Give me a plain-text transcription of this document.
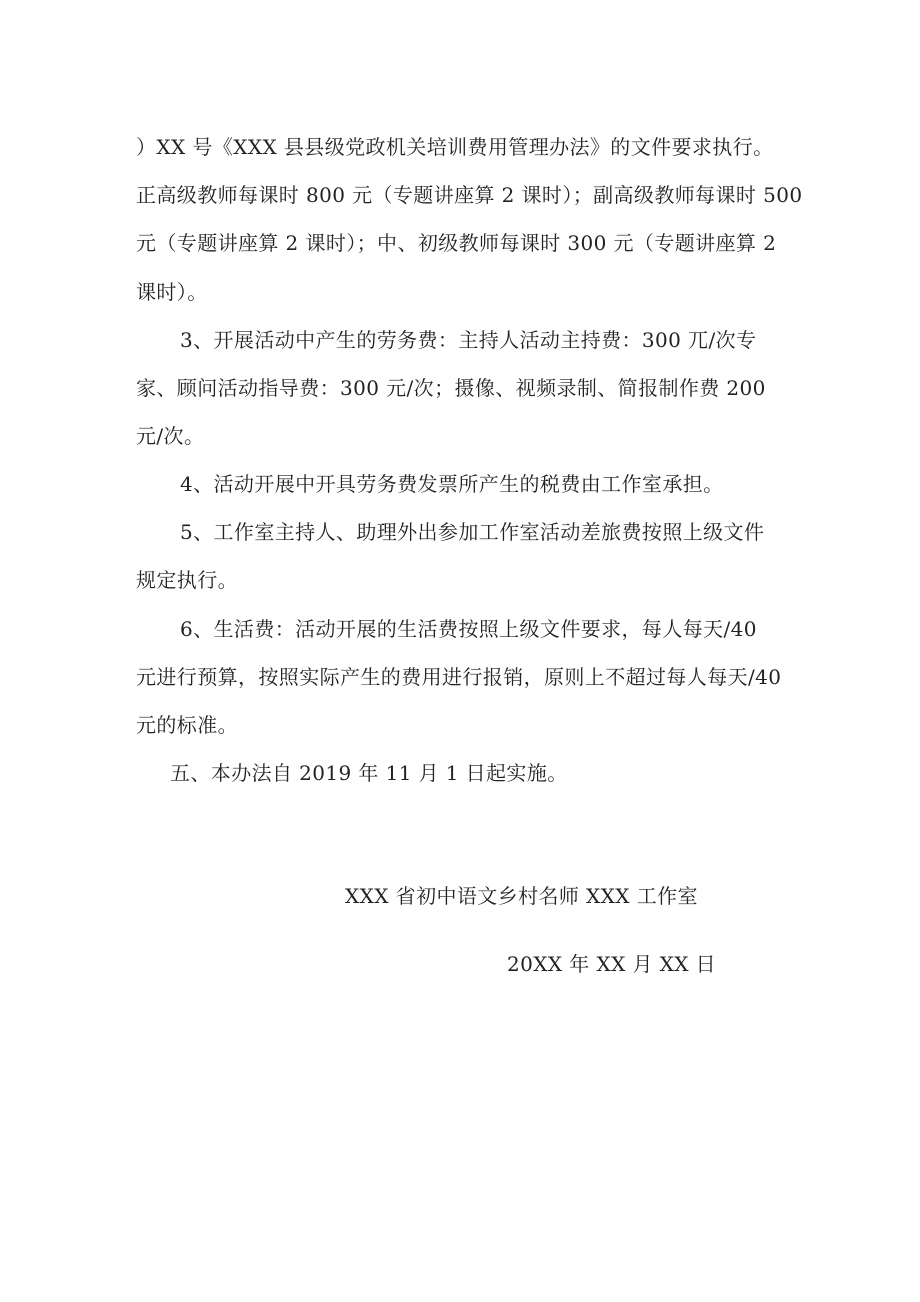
）XX 号《XXX 县县级党政机关培训费用管理办法》的文件要求执行。
正高级教师每课时 800 元（专题讲座算 2 课时）；副高级教师每课时 500
元（专题讲座算 2 课时）；中、初级教师每课时 300 元（专题讲座算 2
课时）。
3、开展活动中产生的劳务费：主持人活动主持费：300 兀/次专
家、顾问活动指导费：300 元/次；摄像、视频录制、简报制作费 200
元/次。
4、活动开展中开具劳务费发票所产生的税费由工作室承担。
5、工作室主持人、助理外出参加工作室活动差旅费按照上级文件
规定执行。
6、生活费：活动开展的生活费按照上级文件要求，每人每天/40
元进行预算，按照实际产生的费用进行报销，原则上不超过每人每天/40
元的标准。
五、本办法自 2019 年 11 月 1 日起实施。
XXX 省初中语文乡村名师 XXX 工作室
20XX 年 XX 月 XX 日
